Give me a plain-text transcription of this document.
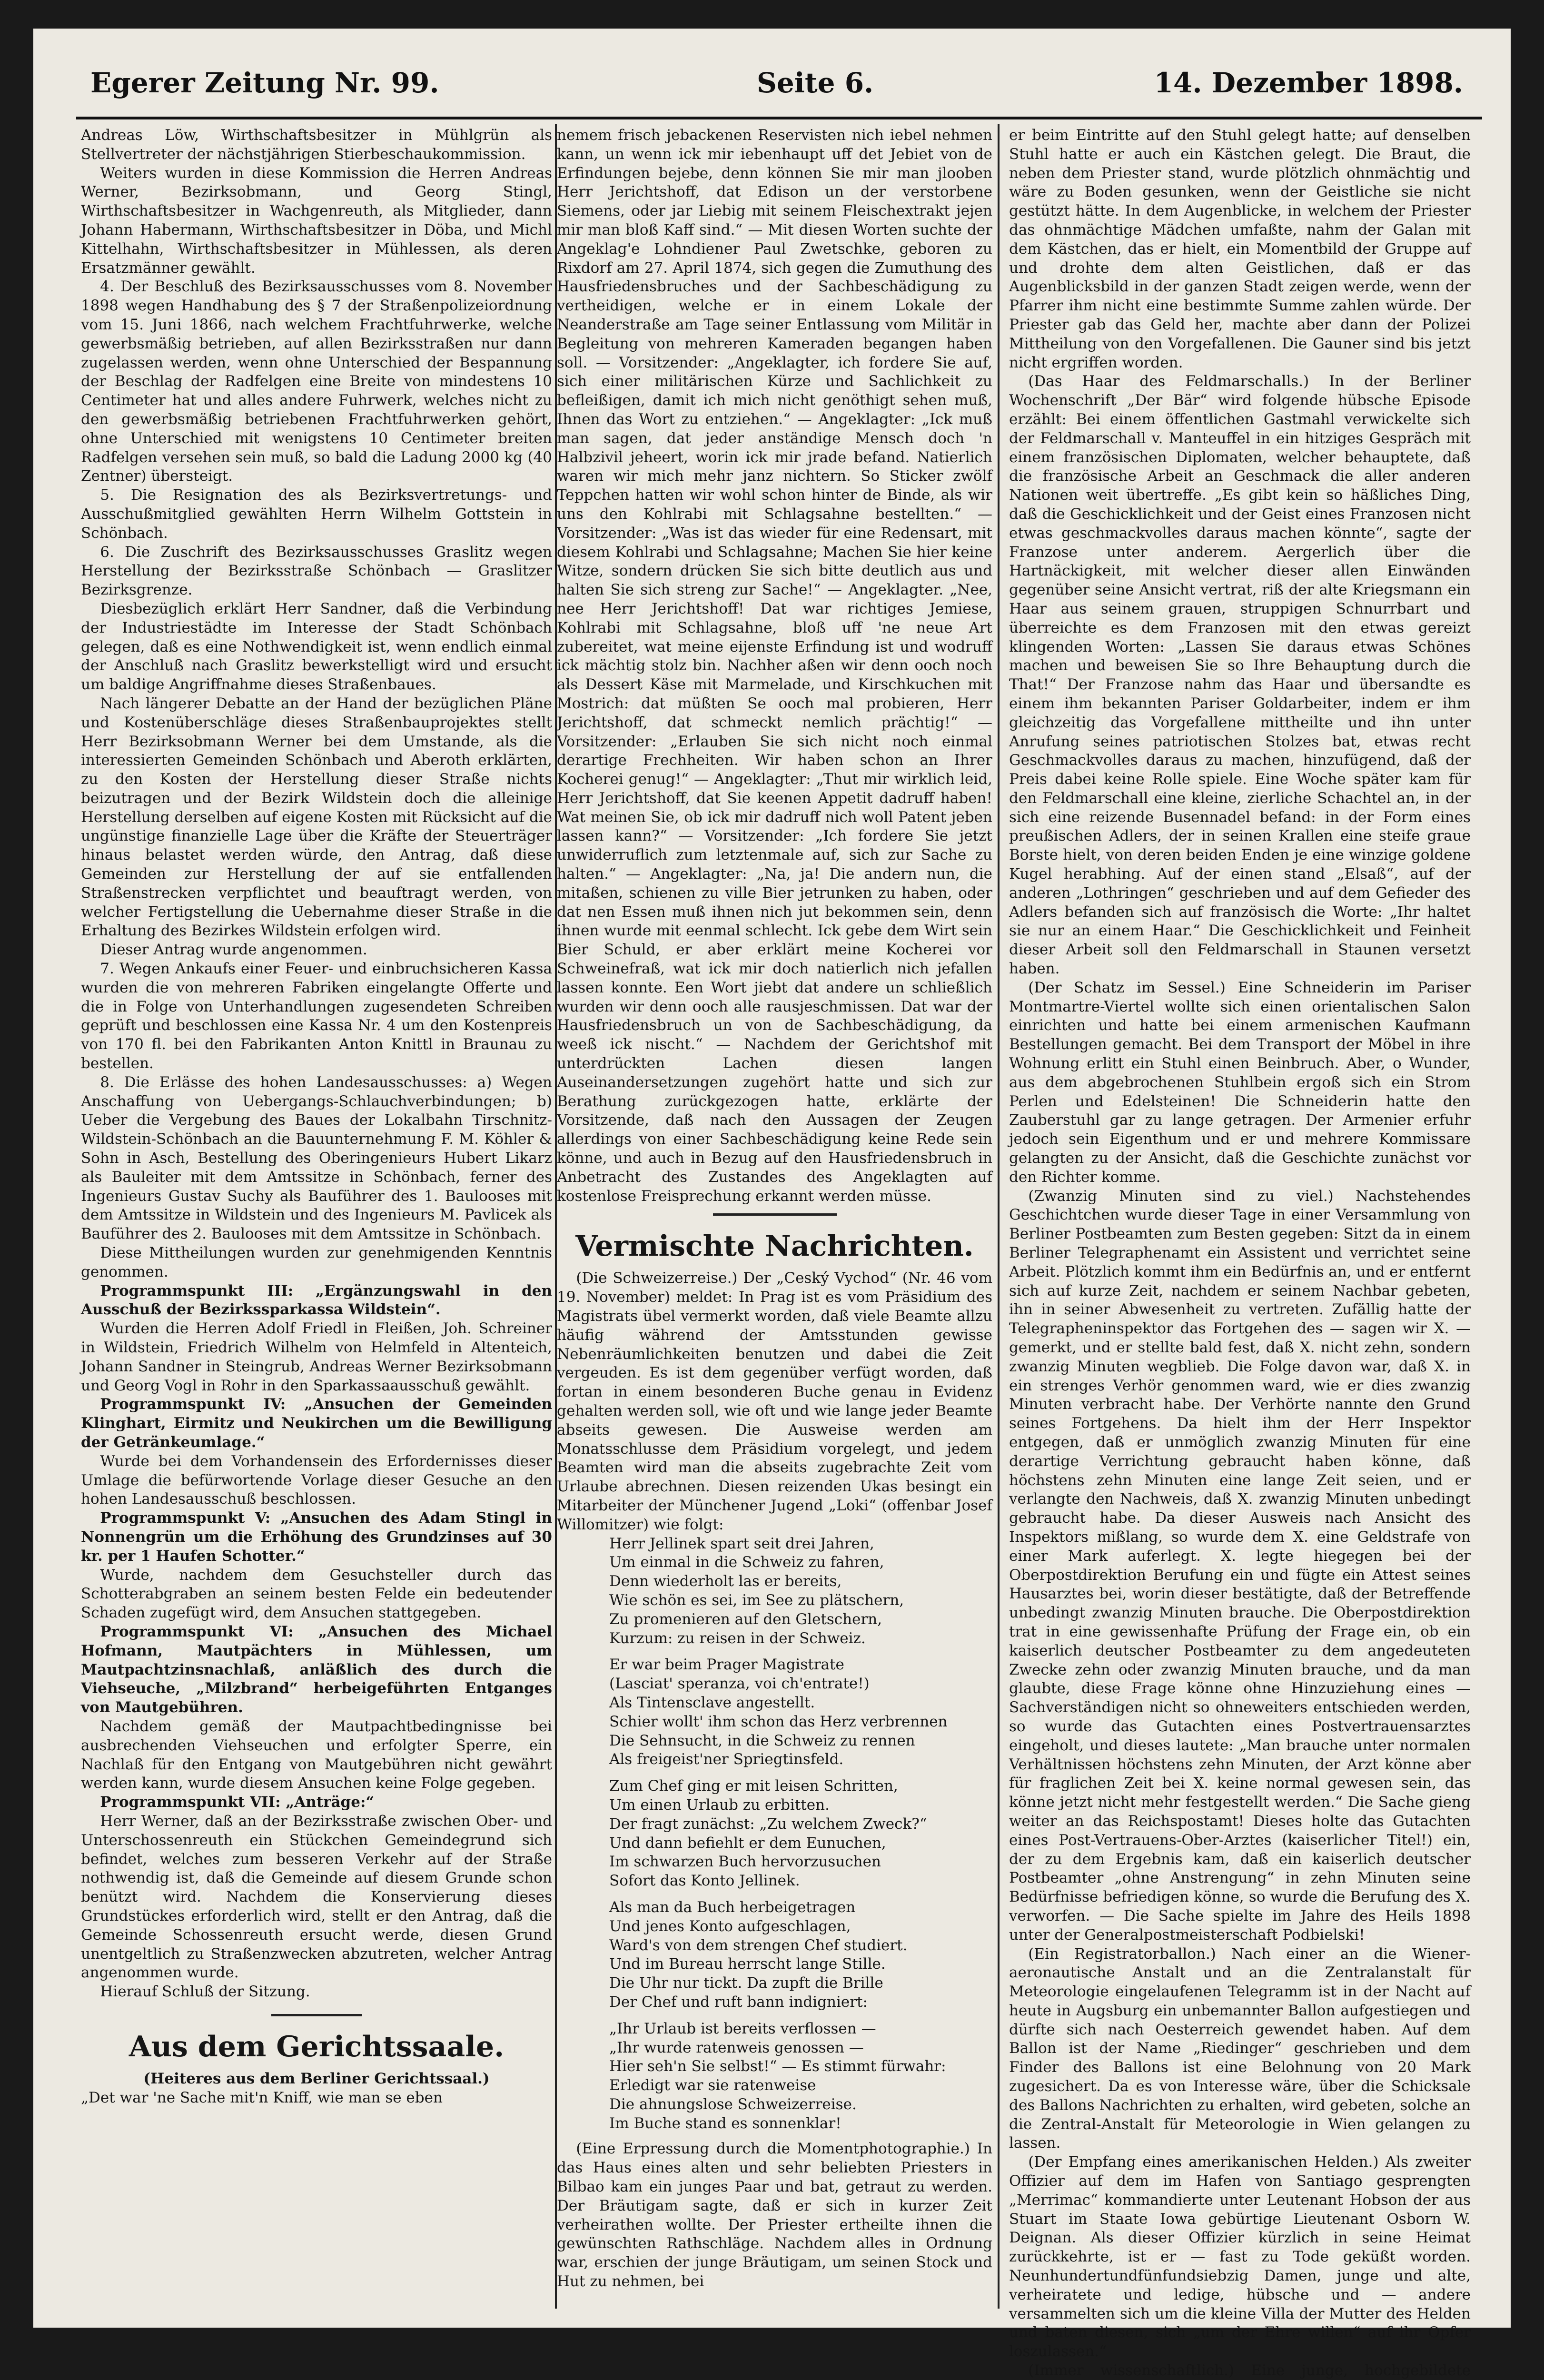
Egerer Zeitung Nr. 99.	Seite 6.	14. Dezember 1898.

Andreas Löw, Wirthschaftsbesitzer in Mühlgrün als Stellvertreter der nächstjährigen Stierbeschaukommission.

Weiters wurden in diese Kommission die Herren Andreas Werner, Bezirksobmann, und Georg Stingl, Wirthschaftsbesitzer in Wachgenreuth, als Mitglieder, dann Johann Habermann, Wirthschaftsbesitzer in Döba, und Michl Kittelhahn, Wirthschaftsbesitzer in Mühlessen, als deren Ersatzmänner gewählt.

4. Der Beschluß des Bezirksausschusses vom 8. November 1898 wegen Handhabung des § 7 der Straßenpolizeiordnung vom 15. Juni 1866, nach welchem Frachtfuhrwerke, welche gewerbsmäßig betrieben, auf allen Bezirksstraßen nur dann zugelassen werden, wenn ohne Unterschied der Bespannung der Beschlag der Radfelgen eine Breite von mindestens 10 Centimeter hat und alles andere Fuhrwerk, welches nicht zu den gewerbsmäßig betriebenen Frachtfuhrwerken gehört, ohne Unterschied mit wenigstens 10 Centimeter breiten Radfelgen versehen sein muß, so bald die Ladung 2000 kg (40 Zentner) übersteigt.

5. Die Resignation des als Bezirksvertretungs- und Ausschußmitglied gewählten Herrn Wilhelm Gottstein in Schönbach.

6. Die Zuschrift des Bezirksausschusses Graslitz wegen Herstellung der Bezirksstraße Schönbach — Graslitzer Bezirksgrenze.

Diesbezüglich erklärt Herr Sandner, daß die Verbindung der Industriestädte im Interesse der Stadt Schönbach gelegen, daß es eine Nothwendigkeit ist, wenn endlich einmal der Anschluß nach Graslitz bewerkstelligt wird und ersucht um baldige Angriffnahme dieses Straßenbaues.

Nach längerer Debatte an der Hand der bezüglichen Pläne und Kostenüberschläge dieses Straßenbauprojektes stellt Herr Bezirksobmann Werner bei dem Umstande, als die interessierten Gemeinden Schönbach und Aberoth erklärten, zu den Kosten der Herstellung dieser Straße nichts beizutragen und der Bezirk Wildstein doch die alleinige Herstellung derselben auf eigene Kosten mit Rücksicht auf die ungünstige finanzielle Lage über die Kräfte der Steuerträger hinaus belastet werden würde, den Antrag, daß diese Gemeinden zur Herstellung der auf sie entfallenden Straßenstrecken verpflichtet und beauftragt werden, von welcher Fertigstellung die Uebernahme dieser Straße in die Erhaltung des Bezirkes Wildstein erfolgen wird.

Dieser Antrag wurde angenommen.

7. Wegen Ankaufs einer Feuer- und einbruchsicheren Kassa wurden die von mehreren Fabriken eingelangte Offerte und die in Folge von Unterhandlungen zugesendeten Schreiben geprüft und beschlossen eine Kassa Nr. 4 um den Kostenpreis von 170 fl. bei den Fabrikanten Anton Knittl in Braunau zu bestellen.

8. Die Erlässe des hohen Landesausschusses: a) Wegen Anschaffung von Uebergangs-Schlauchverbindungen; b) Ueber die Vergebung des Baues der Lokalbahn Tirschnitz-Wildstein-Schönbach an die Bauunternehmung F. M. Köhler & Sohn in Asch, Bestellung des Oberingenieurs Hubert Likarz als Bauleiter mit dem Amtssitze in Schönbach, ferner des Ingenieurs Gustav Suchy als Bauführer des 1. Baulooses mit dem Amtssitze in Wildstein und des Ingenieurs M. Pavlicek als Bauführer des 2. Baulooses mit dem Amtssitze in Schönbach.

Diese Mittheilungen wurden zur genehmigenden Kenntnis genommen.

Programmspunkt III: „Ergänzungswahl in den Ausschuß der Bezirkssparkassa Wildstein“.

Wurden die Herren Adolf Friedl in Fleißen, Joh. Schreiner in Wildstein, Friedrich Wilhelm von Helmfeld in Altenteich, Johann Sandner in Steingrub, Andreas Werner Bezirksobmann und Georg Vogl in Rohr in den Sparkassaausschuß gewählt.

Programmspunkt IV: „Ansuchen der Gemeinden Klinghart, Eirmitz und Neukirchen um die Bewilligung der Getränkeumlage.“

Wurde bei dem Vorhandensein des Erfordernisses dieser Umlage die befürwortende Vorlage dieser Gesuche an den hohen Landesausschuß beschlossen.

Programmspunkt V: „Ansuchen des Adam Stingl in Nonnengrün um die Erhöhung des Grundzinses auf 30 kr. per 1 Haufen Schotter.“

Wurde, nachdem dem Gesuchsteller durch das Schotterabgraben an seinem besten Felde ein bedeutender Schaden zugefügt wird, dem Ansuchen stattgegeben.

Programmspunkt VI: „Ansuchen des Michael Hofmann, Mautpächters in Mühlessen, um Mautpachtzinsnachlaß, anläßlich des durch die Viehseuche, „Milzbrand“ herbeigeführten Entganges von Mautgebühren.

Nachdem gemäß der Mautpachtbedingnisse bei ausbrechenden Viehseuchen und erfolgter Sperre, ein Nachlaß für den Entgang von Mautgebühren nicht gewährt werden kann, wurde diesem Ansuchen keine Folge gegeben.

Programmspunkt VII: „Anträge:“

Herr Werner, daß an der Bezirksstraße zwischen Ober- und Unterschossenreuth ein Stückchen Gemeindegrund sich befindet, welches zum besseren Verkehr auf der Straße nothwendig ist, daß die Gemeinde auf diesem Grunde schon benützt wird. Nachdem die Konservierung dieses Grundstückes erforderlich wird, stellt er den Antrag, daß die Gemeinde Schossenreuth ersucht werde, diesen Grund unentgeltlich zu Straßenzwecken abzutreten, welcher Antrag angenommen wurde.

Hierauf Schluß der Sitzung.

Aus dem Gerichtssaale.

(Heiteres aus dem Berliner Gerichtssaal.)

„Det war 'ne Sache mit'n Kniff, wie man se eben

nemem frisch jebackenen Reservisten nich iebel nehmen kann, un wenn ick mir iebenhaupt uff det Jebiet von de Erfindungen bejebe, denn können Sie mir man jlooben Herr Jerichtshoff, dat Edison un der verstorbene Siemens, oder jar Liebig mit seinem Fleischextrakt jejen mir man bloß Kaff sind.“ — Mit diesen Worten suchte der Angeklag'e Lohndiener Paul Zwetschke, geboren zu Rixdorf am 27. April 1874, sich gegen die Zumuthung des Hausfriedensbruches und der Sachbeschädigung zu vertheidigen, welche er in einem Lokale der Neanderstraße am Tage seiner Entlassung vom Militär in Begleitung von mehreren Kameraden begangen haben soll. — Vorsitzender: „Angeklagter, ich fordere Sie auf, sich einer militärischen Kürze und Sachlichkeit zu befleißigen, damit ich mich nicht genöthigt sehen muß, Ihnen das Wort zu entziehen.“ — Angeklagter: „Ick muß man sagen, dat jeder anständige Mensch doch 'n Halbzivil jeheert, worin ick mir jrade befand. Natierlich waren wir mich mehr janz nichtern. So Sticker zwölf Teppchen hatten wir wohl schon hinter de Binde, als wir uns den Kohlrabi mit Schlagsahne bestellten.“ — Vorsitzender: „Was ist das wieder für eine Redensart, mit diesem Kohlrabi und Schlagsahne; Machen Sie hier keine Witze, sondern drücken Sie sich bitte deutlich aus und halten Sie sich streng zur Sache!“ — Angeklagter. „Nee, nee Herr Jerichtshoff! Dat war richtiges Jemiese, Kohlrabi mit Schlagsahne, bloß uff 'ne neue Art zubereitet, wat meine eijenste Erfindung ist und wodruff ick mächtig stolz bin. Nachher aßen wir denn ooch noch als Dessert Käse mit Marmelade, und Kirschkuchen mit Mostrich: dat müßten Se ooch mal probieren, Herr Jerichtshoff, dat schmeckt nemlich prächtig!“ — Vorsitzender: „Erlauben Sie sich nicht noch einmal derartige Frechheiten. Wir haben schon an Ihrer Kocherei genug!“ — Angeklagter: „Thut mir wirklich leid, Herr Jerichtshoff, dat Sie keenen Appetit dadruff haben! Wat meinen Sie, ob ick mir dadruff nich woll Patent jeben lassen kann?“ — Vorsitzender: „Ich fordere Sie jetzt unwiderruflich zum letztenmale auf, sich zur Sache zu halten.“ — Angeklagter: „Na, ja! Die andern nun, die mitaßen, schienen zu ville Bier jetrunken zu haben, oder dat nen Essen muß ihnen nich jut bekommen sein, denn ihnen wurde mit eenmal schlecht. Ick gebe dem Wirt sein Bier Schuld, er aber erklärt meine Kocherei vor Schweinefraß, wat ick mir doch natierlich nich jefallen lassen konnte. Een Wort jiebt dat andere un schließlich wurden wir denn ooch alle rausjeschmissen. Dat war der Hausfriedensbruch un von de Sachbeschädigung, da weeß ick nischt.“ — Nachdem der Gerichtshof mit unterdrückten Lachen diesen langen Auseinandersetzungen zugehört hatte und sich zur Berathung zurückgezogen hatte, erklärte der Vorsitzende, daß nach den Aussagen der Zeugen allerdings von einer Sachbeschädigung keine Rede sein könne, und auch in Bezug auf den Hausfriedensbruch in Anbetracht des Zustandes des Angeklagten auf kostenlose Freisprechung erkannt werden müsse.

Vermischte Nachrichten.

(Die Schweizerreise.) Der „Ceský Vychod“ (Nr. 46 vom 19. November) meldet: In Prag ist es vom Präsidium des Magistrats übel vermerkt worden, daß viele Beamte allzu häufig während der Amtsstunden gewisse Nebenräumlichkeiten benutzen und dabei die Zeit vergeuden. Es ist dem gegenüber verfügt worden, daß fortan in einem besonderen Buche genau in Evidenz gehalten werden soll, wie oft und wie lange jeder Beamte abseits gewesen. Die Ausweise werden am Monatsschlusse dem Präsidium vorgelegt, und jedem Beamten wird man die abseits zugebrachte Zeit vom Urlaube abrechnen. Diesen reizenden Ukas besingt ein Mitarbeiter der Münchener Jugend „Loki“ (offenbar Josef Willomitzer) wie folgt:

Herr Jellinek spart seit drei Jahren,
Um einmal in die Schweiz zu fahren,
Denn wiederholt las er bereits,
Wie schön es sei, im See zu plätschern,
Zu promenieren auf den Gletschern,
Kurzum: zu reisen in der Schweiz.
Er war beim Prager Magistrate
(Lasciat' speranza, voi ch'entrate!)
Als Tintensclave angestellt.
Schier wollt' ihm schon das Herz verbrennen
Die Sehnsucht, in die Schweiz zu rennen
Als freigeist'ner Spriegtinsfeld.
Zum Chef ging er mit leisen Schritten,
Um einen Urlaub zu erbitten.
Der fragt zunächst: „Zu welchem Zweck?“
Und dann befiehlt er dem Eunuchen,
Im schwarzen Buch hervorzusuchen
Sofort das Konto Jellinek.
Als man da Buch herbeigetragen
Und jenes Konto aufgeschlagen,
Ward's von dem strengen Chef studiert.
Und im Bureau herrscht lange Stille.
Die Uhr nur tickt. Da zupft die Brille
Der Chef und ruft bann indigniert:
„Ihr Urlaub ist bereits verflossen —
„Ihr wurde ratenweis genossen —
Hier seh'n Sie selbst!“ — Es stimmt fürwahr:
Erledigt war sie ratenweise
Die ahnungslose Schweizerreise.
Im Buche stand es sonnenklar!

(Eine Erpressung durch die Momentphotographie.) In das Haus eines alten und sehr beliebten Priesters in Bilbao kam ein junges Paar und bat, getraut zu werden. Der Bräutigam sagte, daß er sich in kurzer Zeit verheirathen wollte. Der Priester ertheilte ihnen die gewünschten Rathschläge. Nachdem alles in Ordnung war, erschien der junge Bräutigam, um seinen Stock und Hut zu nehmen, bei

er beim Eintritte auf den Stuhl gelegt hatte; auf denselben Stuhl hatte er auch ein Kästchen gelegt. Die Braut, die neben dem Priester stand, wurde plötzlich ohnmächtig und wäre zu Boden gesunken, wenn der Geistliche sie nicht gestützt hätte. In dem Augenblicke, in welchem der Priester das ohnmächtige Mädchen umfaßte, nahm der Galan mit dem Kästchen, das er hielt, ein Momentbild der Gruppe auf und drohte dem alten Geistlichen, daß er das Augenblicksbild in der ganzen Stadt zeigen werde, wenn der Pfarrer ihm nicht eine bestimmte Summe zahlen würde. Der Priester gab das Geld her, machte aber dann der Polizei Mittheilung von den Vorgefallenen. Die Gauner sind bis jetzt nicht ergriffen worden.

(Das Haar des Feldmarschalls.) In der Berliner Wochenschrift „Der Bär“ wird folgende hübsche Episode erzählt: Bei einem öffentlichen Gastmahl verwickelte sich der Feldmarschall v. Manteuffel in ein hitziges Gespräch mit einem französischen Diplomaten, welcher behauptete, daß die französische Arbeit an Geschmack die aller anderen Nationen weit übertreffe. „Es gibt kein so häßliches Ding, daß die Geschicklichkeit und der Geist eines Franzosen nicht etwas geschmackvolles daraus machen könnte“, sagte der Franzose unter anderem. Aergerlich über die Hartnäckigkeit, mit welcher dieser allen Einwänden gegenüber seine Ansicht vertrat, riß der alte Kriegsmann ein Haar aus seinem grauen, struppigen Schnurrbart und überreichte es dem Franzosen mit den etwas gereizt klingenden Worten: „Lassen Sie daraus etwas Schönes machen und beweisen Sie so Ihre Behauptung durch die That!“ Der Franzose nahm das Haar und übersandte es einem ihm bekannten Pariser Goldarbeiter, indem er ihm gleichzeitig das Vorgefallene mittheilte und ihn unter Anrufung seines patriotischen Stolzes bat, etwas recht Geschmackvolles daraus zu machen, hinzufügend, daß der Preis dabei keine Rolle spiele. Eine Woche später kam für den Feldmarschall eine kleine, zierliche Schachtel an, in der sich eine reizende Busennadel befand: in der Form eines preußischen Adlers, der in seinen Krallen eine steife graue Borste hielt, von deren beiden Enden je eine winzige goldene Kugel herabhing. Auf der einen stand „Elsaß“, auf der anderen „Lothringen“ geschrieben und auf dem Gefieder des Adlers befanden sich auf französisch die Worte: „Ihr haltet sie nur an einem Haar.“ Die Geschicklichkeit und Feinheit dieser Arbeit soll den Feldmarschall in Staunen versetzt haben.

(Der Schatz im Sessel.) Eine Schneiderin im Pariser Montmartre-Viertel wollte sich einen orientalischen Salon einrichten und hatte bei einem armenischen Kaufmann Bestellungen gemacht. Bei dem Transport der Möbel in ihre Wohnung erlitt ein Stuhl einen Beinbruch. Aber, o Wunder, aus dem abgebrochenen Stuhlbein ergoß sich ein Strom Perlen und Edelsteinen! Die Schneiderin hatte den Zauberstuhl gar zu lange getragen. Der Armenier erfuhr jedoch sein Eigenthum und er und mehrere Kommissare gelangten zu der Ansicht, daß die Geschichte zunächst vor den Richter komme.

(Zwanzig Minuten sind zu viel.) Nachstehendes Geschichtchen wurde dieser Tage in einer Versammlung von Berliner Postbeamten zum Besten gegeben: Sitzt da in einem Berliner Telegraphenamt ein Assistent und verrichtet seine Arbeit. Plötzlich kommt ihm ein Bedürfnis an, und er entfernt sich auf kurze Zeit, nachdem er seinem Nachbar gebeten, ihn in seiner Abwesenheit zu vertreten. Zufällig hatte der Telegrapheninspektor das Fortgehen des — sagen wir X. — gemerkt, und er stellte bald fest, daß X. nicht zehn, sondern zwanzig Minuten wegblieb. Die Folge davon war, daß X. in ein strenges Verhör genommen ward, wie er dies zwanzig Minuten verbracht habe. Der Verhörte nannte den Grund seines Fortgehens. Da hielt ihm der Herr Inspektor entgegen, daß er unmöglich zwanzig Minuten für eine derartige Verrichtung gebraucht haben könne, daß höchstens zehn Minuten eine lange Zeit seien, und er verlangte den Nachweis, daß X. zwanzig Minuten unbedingt gebraucht habe. Da dieser Ausweis nach Ansicht des Inspektors mißlang, so wurde dem X. eine Geldstrafe von einer Mark auferlegt. X. legte hiegegen bei der Oberpostdirektion Berufung ein und fügte ein Attest seines Hausarztes bei, worin dieser bestätigte, daß der Betreffende unbedingt zwanzig Minuten brauche. Die Oberpostdirektion trat in eine gewissenhafte Prüfung der Frage ein, ob ein kaiserlich deutscher Postbeamter zu dem angedeuteten Zwecke zehn oder zwanzig Minuten brauche, und da man glaubte, diese Frage könne ohne Hinzuziehung eines — Sachverständigen nicht so ohneweiters entschieden werden, so wurde das Gutachten eines Postvertrauensarztes eingeholt, und dieses lautete: „Man brauche unter normalen Verhältnissen höchstens zehn Minuten, der Arzt könne aber für fraglichen Zeit bei X. keine normal gewesen sein, das könne jetzt nicht mehr festgestellt werden.“ Die Sache gieng weiter an das Reichspostamt! Dieses holte das Gutachten eines Post-Vertrauens-Ober-Arztes (kaiserlicher Titel!) ein, der zu dem Ergebnis kam, daß ein kaiserlich deutscher Postbeamter „ohne Anstrengung“ in zehn Minuten seine Bedürfnisse befriedigen könne, so wurde die Berufung des X. verworfen. — Die Sache spielte im Jahre des Heils 1898 unter der Generalpostmeisterschaft Podbielski!

(Ein Registratorballon.) Nach einer an die Wiener-aeronautische Anstalt und an die Zentralanstalt für Meteorologie eingelaufenen Telegramm ist in der Nacht auf heute in Augsburg ein unbemannter Ballon aufgestiegen und dürfte sich nach Oesterreich gewendet haben. Auf dem Ballon ist der Name „Riedinger“ geschrieben und dem Finder des Ballons ist eine Belohnung von 20 Mark zugesichert. Da es von Interesse wäre, über die Schicksale des Ballons Nachrichten zu erhalten, wird gebeten, solche an die Zentral-Anstalt für Meteorologie in Wien gelangen zu lassen.

(Der Empfang eines amerikanischen Helden.) Als zweiter Offizier auf dem im Hafen von Santiago gesprengten „Merrimac“ kommandierte unter Leutenant Hobson der aus Stuart im Staate Iowa gebürtige Lieutenant Osborn W. Deignan. Als dieser Offizier kürzlich in seine Heimat zurückkehrte, ist er — fast zu Tode geküßt worden. Neunhundertundfünfundsiebzig Damen, junge und alte, verheiratete und ledige, hübsche und — andere versammelten sich um die kleine Villa der Mutter des Helden und baten diesen, sich „um der Ehre willen“ auf ihr Opfer loszulassen.“

(Immer wissenschaftlich.) Eine junge, hochgebildete
